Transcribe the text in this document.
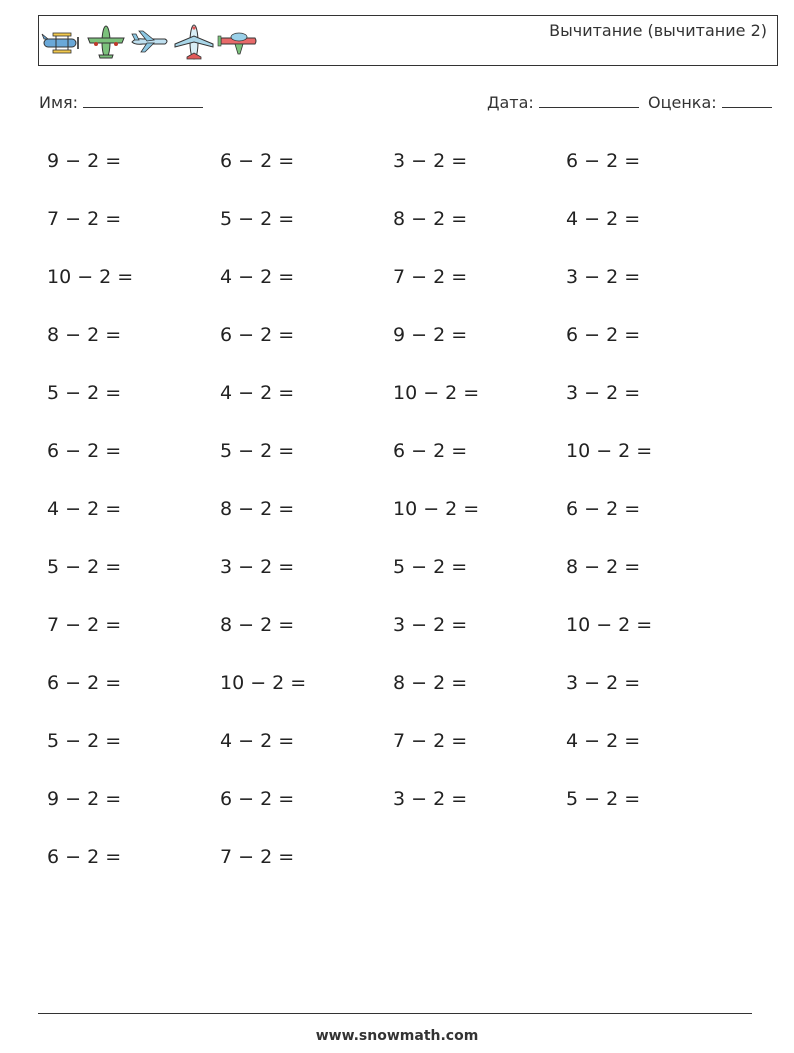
Вычитание (вычитание 2)
Имя:	Дата:	Оценка:
9 − 2 =	6 − 2 =	3 − 2 =	6 − 2 =
7 − 2 =	5 − 2 =	8 − 2 =	4 − 2 =
10 − 2 =	4 − 2 =	7 − 2 =	3 − 2 =
8 − 2 =	6 − 2 =	9 − 2 =	6 − 2 =
5 − 2 =	4 − 2 =	10 − 2 =	3 − 2 =
6 − 2 =	5 − 2 =	6 − 2 =	10 − 2 =
4 − 2 =	8 − 2 =	10 − 2 =	6 − 2 =
5 − 2 =	3 − 2 =	5 − 2 =	8 − 2 =
7 − 2 =	8 − 2 =	3 − 2 =	10 − 2 =
6 − 2 =	10 − 2 =	8 − 2 =	3 − 2 =
5 − 2 =	4 − 2 =	7 − 2 =	4 − 2 =
9 − 2 =	6 − 2 =	3 − 2 =	5 − 2 =
6 − 2 =	7 − 2 =
www.snowmath.com
